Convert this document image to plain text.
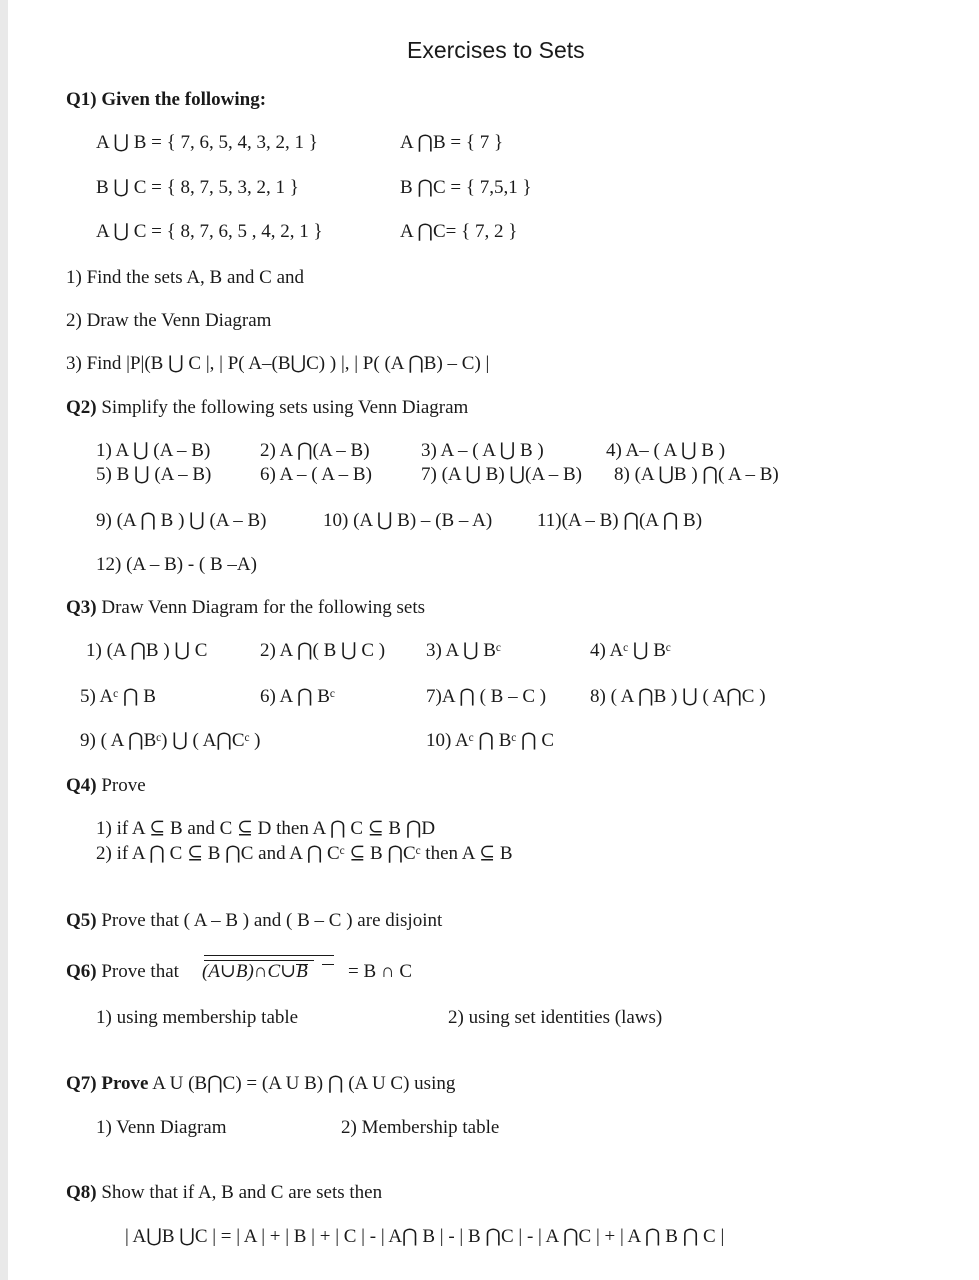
Exercises to Sets
Q1) Given the following:
A ⋃ B = { 7, 6, 5, 4, 3, 2, 1 }	A ⋂B = { 7 }
B ⋃ C = { 8, 7, 5, 3, 2, 1 }	B ⋂C = { 7,5,1 }
A ⋃ C = { 8, 7, 6, 5 , 4, 2, 1 }	A ⋂C= { 7, 2 }
1) Find the sets A, B and C and
2) Draw the Venn Diagram
3) Find |P|(B ⋃ C |, | P( A–(B⋃C) ) |, | P( (A ⋂B) – C) |
Q2) Simplify the following sets using Venn Diagram
1) A ⋃ (A – B)	2) A ⋂(A – B)	3) A – ( A ⋃ B )	4) A– ( A ⋃ B )
5) B ⋃ (A – B)	6) A – ( A – B)	7) (A ⋃ B) ⋃(A – B) 8) (A ⋃B ) ⋂( A – B)
9) (A ⋂ B ) ⋃ (A – B)	10) (A ⋃ B) – (B – A) 11)(A – B) ⋂(A ⋂ B)
12) (A – B) - ( B –A)
Q3) Draw Venn Diagram for the following sets
1) (A ⋂B ) ⋃ C	2) A ⋂( B ⋃ C ) 3) A ⋃ Bᶜ	4) Aᶜ ⋃ Bᶜ
5) Aᶜ ⋂ B	6) A ⋂ Bᶜ	7)A ⋂ ( B – C ) 8) ( A ⋂B ) ⋃ ( A⋂C )
9) ( A ⋂Bᶜ) ⋃ ( A⋂Cᶜ )	10) Aᶜ ⋂ Bᶜ ⋂ C
Q4) Prove
1) if A ⊆ B and C ⊆ D then A ⋂ C ⊆ B ⋂D
2) if A ⋂ C ⊆ B ⋂C and A ⋂ Cᶜ ⊆ B ⋂Cᶜ then A ⊆ B
Q5) Prove that ( A – B ) and ( B – C ) are disjoint
Q6) Prove that (A∪B)∩C∪B = B ∩ C
1) using membership table	2) using set identities (laws)
Q7) Prove A U (B⋂C) = (A U B) ⋂ (A U C) using
1) Venn Diagram	2) Membership table
Q8) Show that if A, B and C are sets then
| A⋃B ⋃C | = | A | + | B | + | C | - | A⋂ B | - | B ⋂C | - | A ⋂C | + | A ⋂ B ⋂ C |
